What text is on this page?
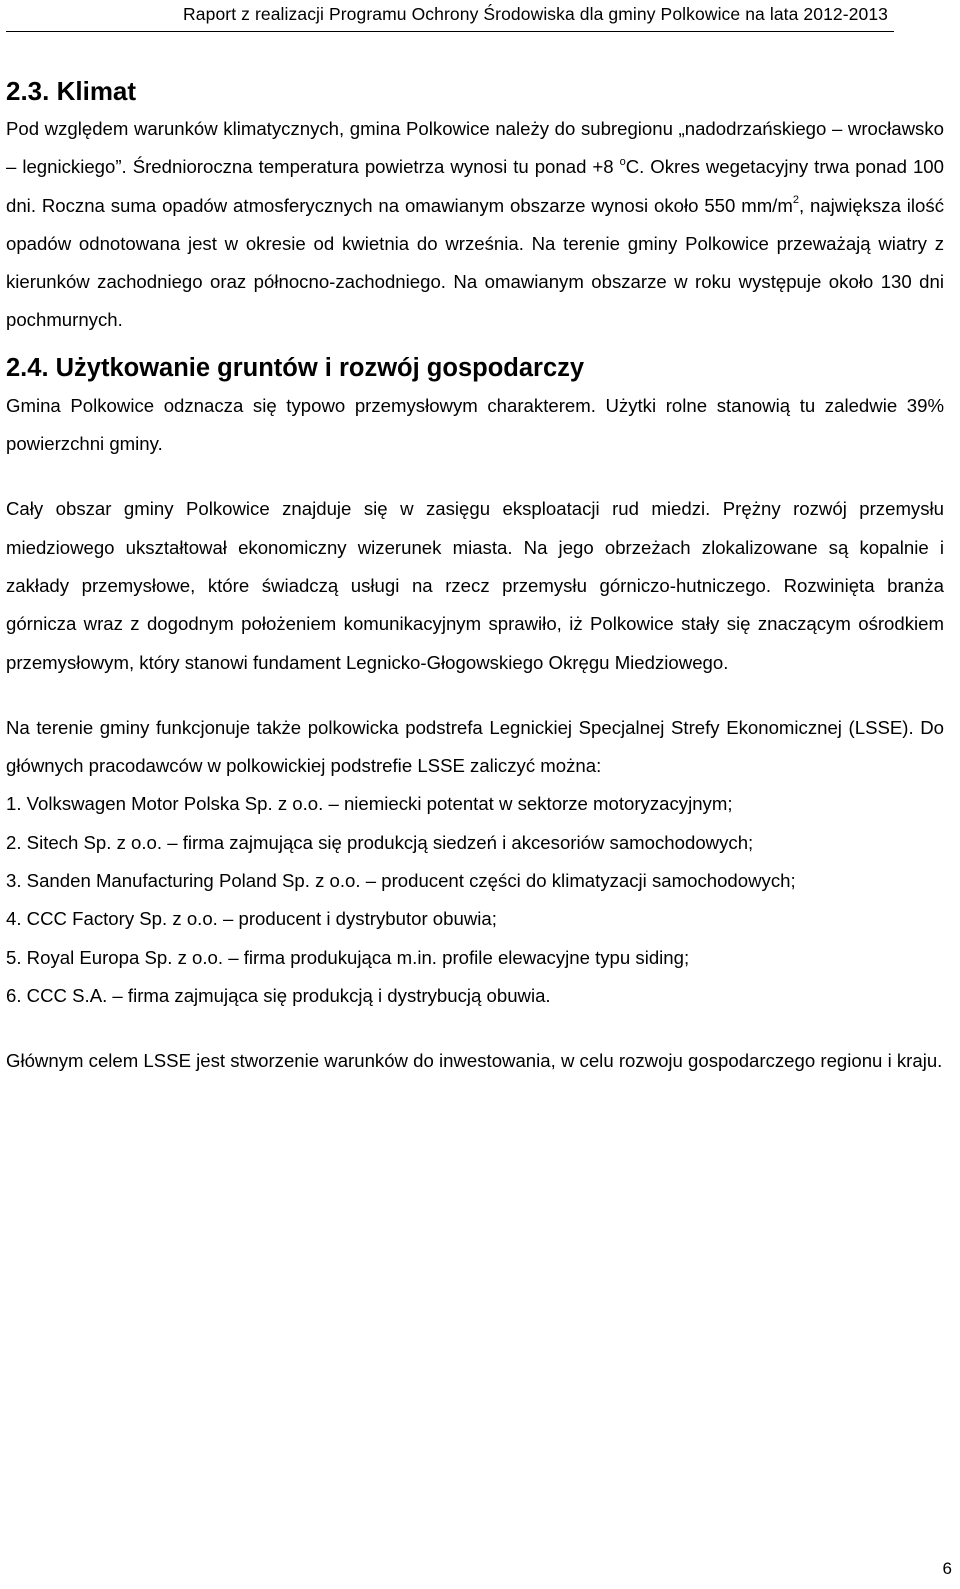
Raport z realizacji Programu Ochrony Środowiska dla gminy Polkowice na lata 2012-2013
2.3. Klimat

Pod względem warunków klimatycznych, gmina Polkowice należy do subregionu „nadodrzańskiego – wrocławsko – legnickiego”. Średnioroczna temperatura powietrza wynosi tu ponad +8 $^o$C. Okres wegetacyjny trwa ponad 100 dni. Roczna suma opadów atmosferycznych na omawianym obszarze wynosi około 550 $mm/m^2$, największa ilość opadów odnotowana jest w okresie od kwietnia do września. Na terenie gminy Polkowice przeważają wiatry z kierunków zachodniego oraz północno-zachodniego. Na omawianym obszarze w roku występuje około 130 dni pochmurnych.

2.4. Użytkowanie gruntów i rozwój gospodarczy

Gmina Polkowice odznacza się typowo przemysłowym charakterem. Użytki rolne stanowią tu zaledwie 39% powierzchni gminy.

Cały obszar gminy Polkowice znajduje się w zasięgu eksploatacji rud miedzi. Prężny rozwój przemysłu miedziowego ukształtował ekonomiczny wizerunek miasta. Na jego obrzeżach zlokalizowane są kopalnie i zakłady przemysłowe, które świadczą usługi na rzecz przemysłu górniczo-hutniczego. Rozwinięta branża górnicza wraz z dogodnym położeniem komunikacyjnym sprawiło, iż Polkowice stały się znaczącym ośrodkiem przemysłowym, który stanowi fundament Legnicko-Głogowskiego Okręgu Miedziowego.

Na terenie gminy funkcjonuje także polkowicka podstrefa Legnickiej Specjalnej Strefy Ekonomicznej (LSSE). Do głównych pracodawców w polkowickiej podstrefie LSSE zaliczyć można:

1. Volkswagen Motor Polska Sp. z o.o. – niemiecki potentat w sektorze motoryzacyjnym;
2. Sitech Sp. z o.o. – firma zajmująca się produkcją siedzeń i akcesoriów samochodowych;
3. Sanden Manufacturing Poland Sp. z o.o. – producent części do klimatyzacji samochodowych;
4. CCC Factory Sp. z o.o. – producent i dystrybutor obuwia;
5. Royal Europa Sp. z o.o. – firma produkująca m.in. profile elewacyjne typu siding;
6. CCC S.A. – firma zajmująca się produkcją i dystrybucją obuwia.

Głównym celem LSSE jest stworzenie warunków do inwestowania, w celu rozwoju gospodarczego regionu i kraju.

6
